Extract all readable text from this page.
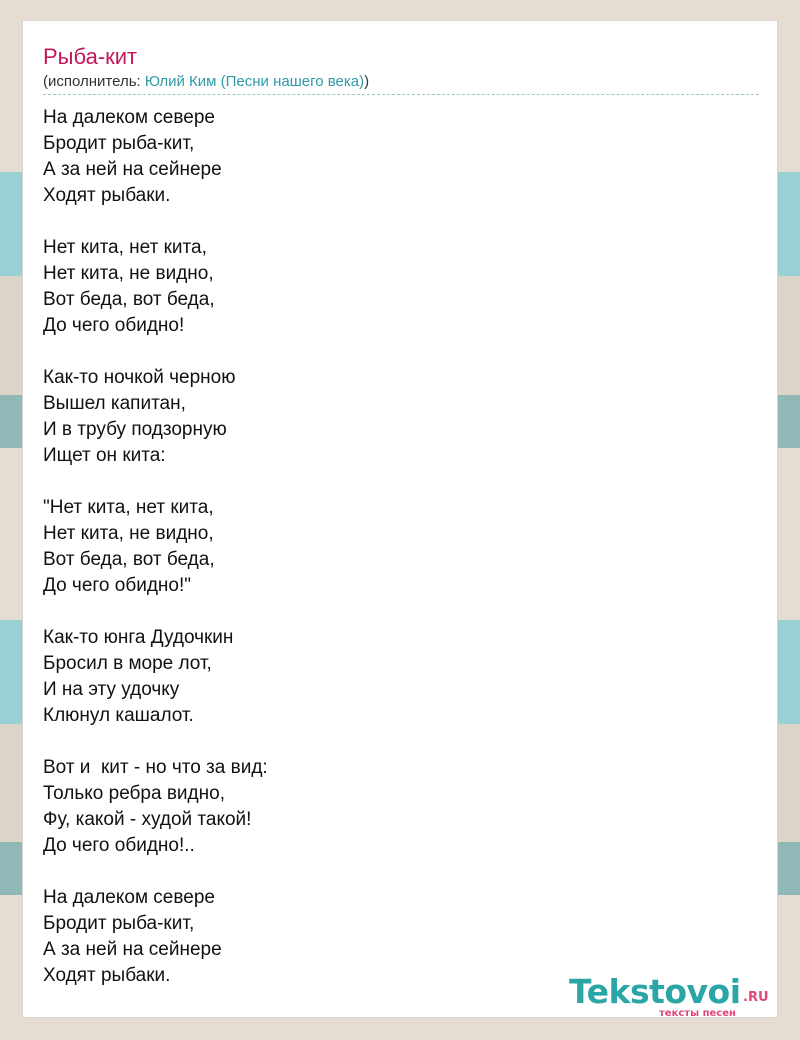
Рыба-кит
(исполнитель: Юлий Ким (Песни нашего века))
На далеком севере
Бродит рыба-кит,
А за ней на сейнере
Ходят рыбаки.
Нет кита, нет кита,
Нет кита, не видно,
Вот беда, вот беда,
До чего обидно!
Как-то ночкой черною
Вышел капитан,
И в трубу подзорную
Ищет он кита:
"Нет кита, нет кита,
Нет кита, не видно,
Вот беда, вот беда,
До чего обидно!"
Как-то юнга Дудочкин
Бросил в море лот,
И на эту удочку
Клюнул кашалот.
Вот и  кит - но что за вид:
Только ребра видно,
Фу, какой - худой такой!
До чего обидно!..
На далеком севере
Бродит рыба-кит,
А за ней на сейнере
Ходят рыбаки.	Tekstovoi .RU
тексты песен
